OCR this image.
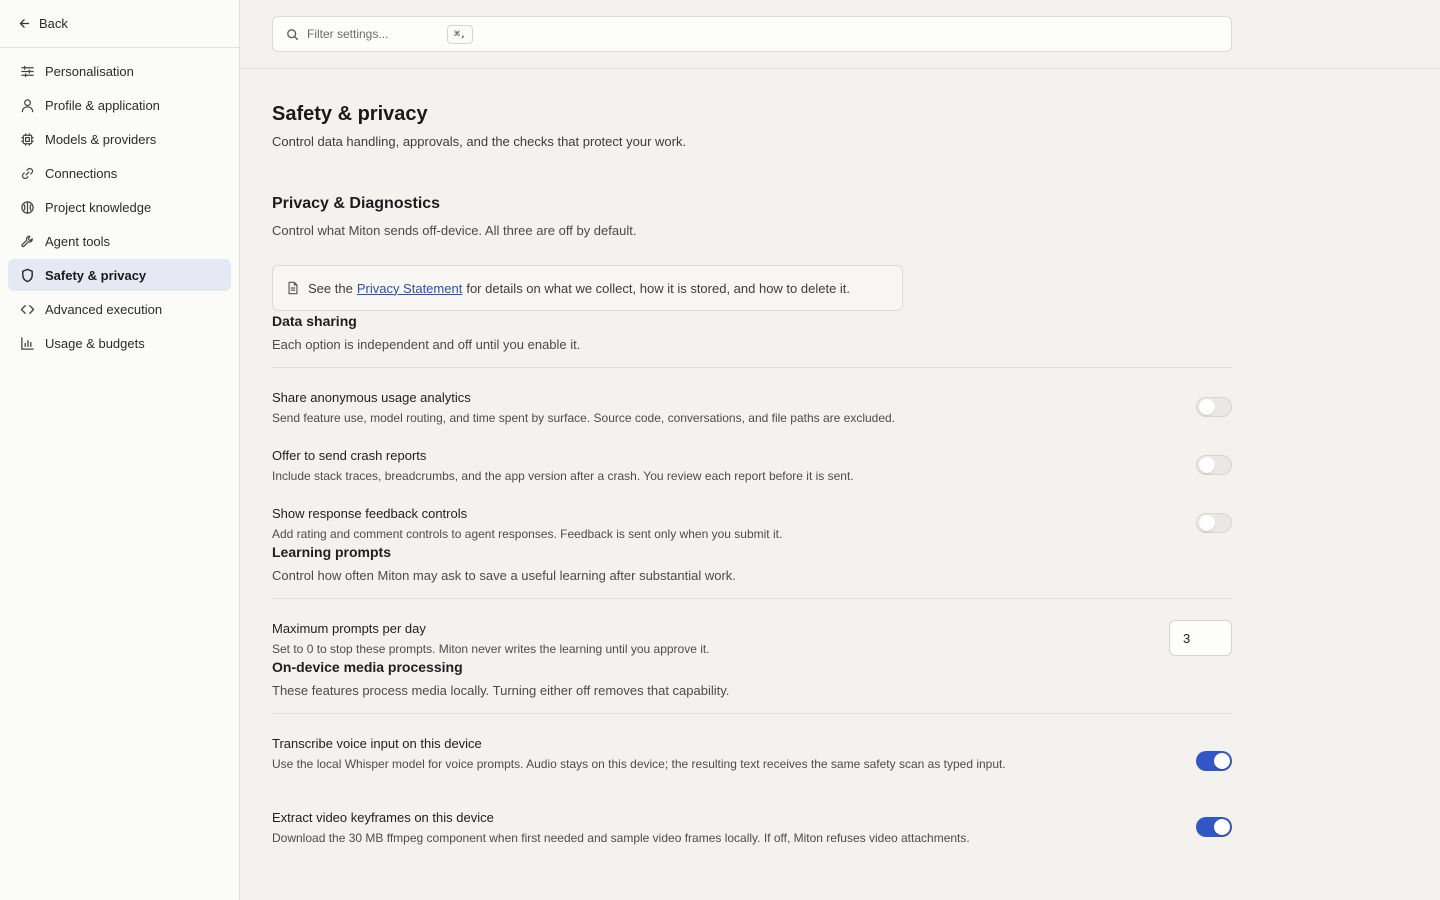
Back
Personalisation
Profile & application
Models & providers
Connections
Project knowledge
Agent tools
Safety & privacy
Advanced execution
Usage & budgets
Filter settings...
⌘,
Safety & privacy

Control data handling, approvals, and the checks that protect your work.

Privacy & Diagnostics

Control what Miton sends off-device. All three are off by default.

See the Privacy Statement for details on what we collect, how it is stored, and how to delete it.
Data sharing

Each option is independent and off until you enable it.

Share anonymous usage analytics
Send feature use, model routing, and time spent by surface. Source code, conversations, and file paths are excluded.
Offer to send crash reports
Include stack traces, breadcrumbs, and the app version after a crash. You review each report before it is sent.
Show response feedback controls
Add rating and comment controls to agent responses. Feedback is sent only when you submit it.
Learning prompts

Control how often Miton may ask to save a useful learning after substantial work.

Maximum prompts per day
Set to 0 to stop these prompts. Miton never writes the learning until you approve it.
3
On-device media processing

These features process media locally. Turning either off removes that capability.

Transcribe voice input on this device
Use the local Whisper model for voice prompts. Audio stays on this device; the resulting text receives the same safety scan as typed input.
Extract video keyframes on this device
Download the 30 MB ffmpeg component when first needed and sample video frames locally. If off, Miton refuses video attachments.
